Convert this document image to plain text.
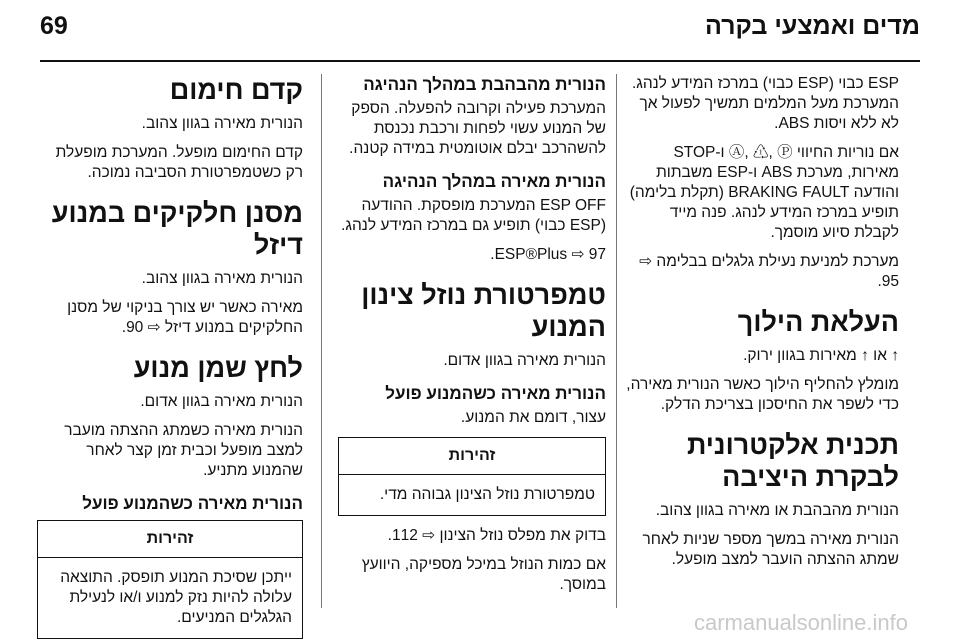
69	מדים ואמצעי בקרה

ESP כבוי (ESP כבוי) במרכז המידע לנהג. המערכת מעל המלמים תמשיך לפעול אך לא ללא ויסות ABS.

אם נוריות החיווי Ⓐ, ♳, Ⓟ ו-STOP מאירות, מערכת ABS ו-ESP משבתות והודעה BRAKING FAULT (תקלת בלימה) תופיע במרכז המידע לנהג. פנה מייד לקבלת סיוע מוסמך.

מערכת למניעת נעילת גלגלים בבלימה ⇨ 95.

העלאת הילוך

↑ או ↑ מאירות בגוון ירוק.

מומלץ להחליף הילוך כאשר הנורית מאירה, כדי לשפר את החיסכון בצריכת הדלק.

תכנית אלקטרונית לבקרת היציבה

הנורית מהבהבת או מאירה בגוון צהוב.

הנורית מאירה במשך מספר שניות לאחר שמתג ההצתה הועבר למצב מופעל.

הנורית מהבהבת במהלך הנהיגה

המערכת פעילה וקרובה להפעלה. הספק של המנוע עשוי לפחות ורכבת נכנסת להשהרכב יבלם אוטומטית במידה קטנה.

הנורית מאירה במהלך הנהיגה

ESP OFF המערכת מופסקת. ההודעה (ESP כבוי) תופיע גם במרכז המידע לנהג.

ESP®Plus ⇨ 97.

טמפרטורת נוזל צינון המנוע

הנורית מאירה בגוון אדום.

הנורית מאירה כשהמנוע פועל

עצור, דומם את המנוע.

זהירות
טמפרטורת נוזל הצינון גבוהה מדי.

בדוק את מפלס נוזל הצינון ⇨ 112.

אם כמות הנוזל במיכל מספיקה, היוועץ במוסך.

קדם חימום

הנורית מאירה בגוון צהוב.

קדם החימום מופעל. המערכת מופעלת רק כשטמפרטורת הסביבה נמוכה.

מסנן חלקיקים במנוע דיזל

הנורית מאירה בגוון צהוב.

מאירה כאשר יש צורך בניקוי של מסנן החלקיקים במנוע דיזל ⇨ 90.

לחץ שמן מנוע

הנורית מאירה בגוון אדום.

הנורית מאירה כשמתג ההצתה מועבר למצב מופעל וכבית זמן קצר לאחר שהמנוע מתניע.

הנורית מאירה כשהמנוע פועל
זהירות
ייתכן שסיכת המנוע תופסק. התוצאה עלולה להיות נזק למנוע ו/או לנעילת הגלגלים המניעים.	carmanualsonline.info
